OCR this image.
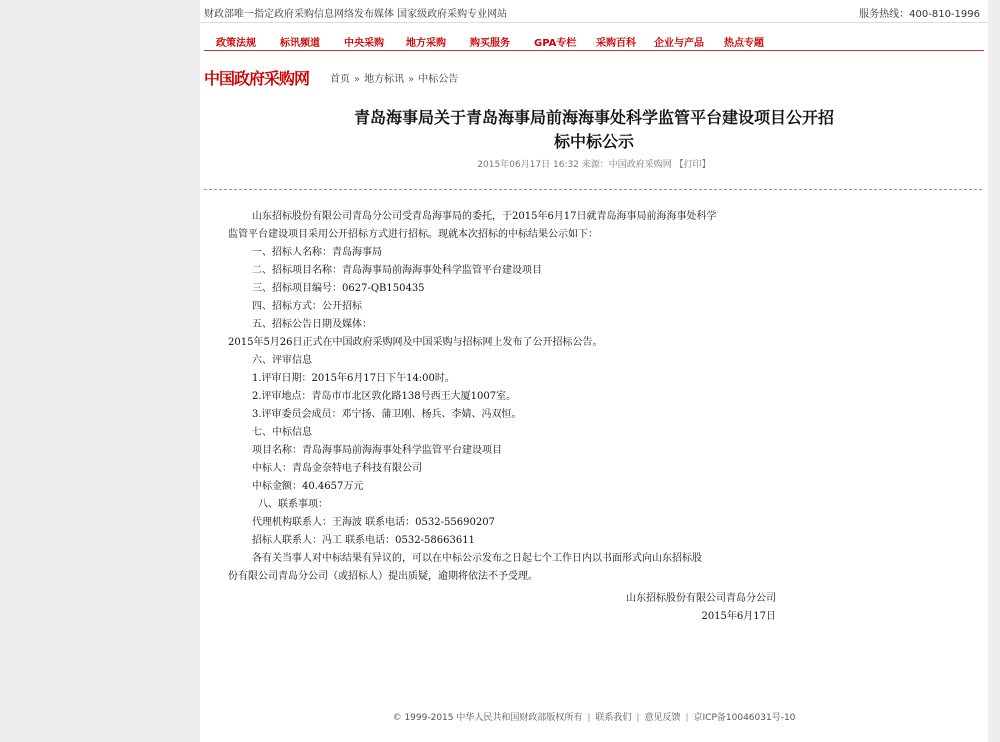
财政部唯一指定政府采购信息网络发布媒体 国家级政府采购专业网站	服务热线：400-810-1996
政策法规 标讯频道 中央采购 地方采购 购买服务 GPA专栏 采购百科 企业与产品 热点专题
中国政府采购网 首页 » 地方标讯 » 中标公告
青岛海事局关于青岛海事局前海海事处科学监管平台建设项目公开招
标中标公示
2015年06月17日 16:32 来源：中国政府采购网 【打印】

山东招标股份有限公司青岛分公司受青岛海事局的委托，于2015年6月17日就青岛海事局前海海事处科学

监管平台建设项目采用公开招标方式进行招标。现就本次招标的中标结果公示如下：

一、招标人名称：青岛海事局

二、招标项目名称：青岛海事局前海海事处科学监管平台建设项目

三、招标项目编号：0627-QB150435

四、招标方式：公开招标

五、招标公告日期及媒体：

2015年5月26日正式在中国政府采购网及中国采购与招标网上发布了公开招标公告。

六、评审信息

1.评审日期：2015年6月17日下午14:00时。

2.评审地点：青岛市市北区敦化路138号西王大厦1007室。

3.评审委员会成员：邓宁扬、蒲卫刚、杨兵、李婧、冯双恒。

七、中标信息

项目名称：青岛海事局前海海事处科学监管平台建设项目

中标人：青岛金奈特电子科技有限公司

中标金额：40.4657万元

八、联系事项：

代理机构联系人：王海波 联系电话：0532-55690207

招标人联系人：冯工 联系电话：0532-58663611

各有关当事人对中标结果有异议的，可以在中标公示发布之日起七个工作日内以书面形式向山东招标股

份有限公司青岛分公司（或招标人）提出质疑，逾期将依法不予受理。

山东招标股份有限公司青岛分公司
2015年6月17日
© 1999-2015 中华人民共和国财政部版权所有 | 联系我们 | 意见反馈 | 京ICP备10046031号-10
